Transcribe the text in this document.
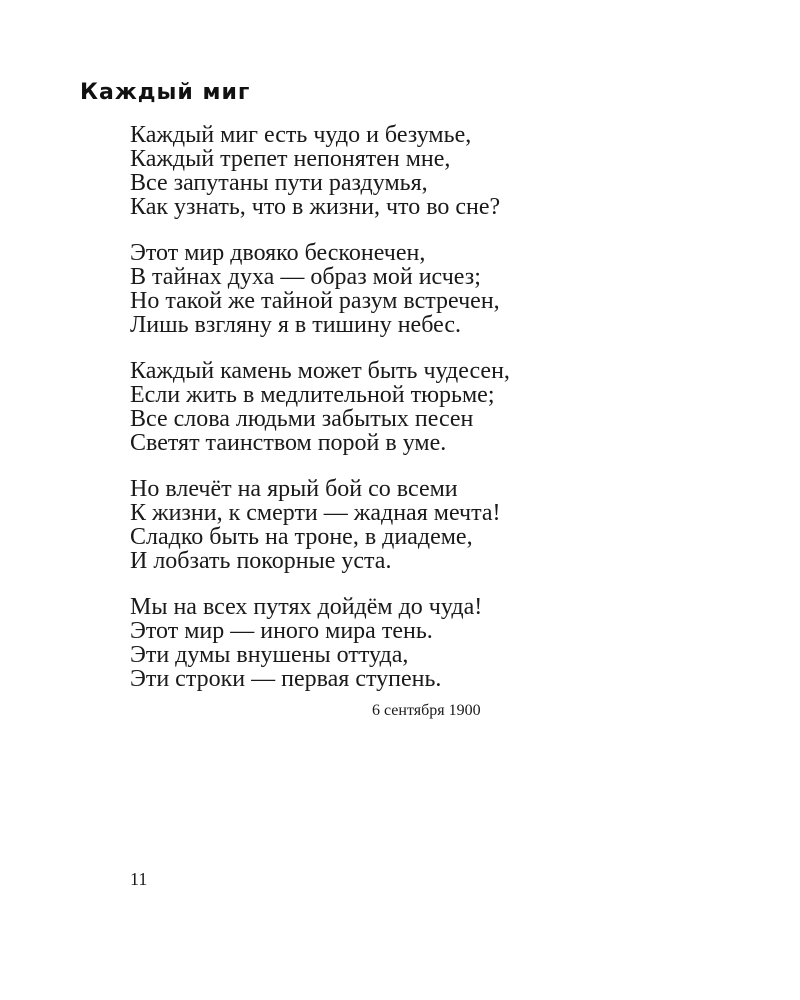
Каждый миг
Каждый миг есть чудо и безумье,
Каждый трепет непонятен мне,
Все запутаны пути раздумья,
Как узнать, что в жизни, что во сне?
Этот мир двояко бесконечен,
В тайнах духа — образ мой исчез;
Но такой же тайной разум встречен,
Лишь взгляну я в тишину небес.
Каждый камень может быть чудесен,
Если жить в медлительной тюрьме;
Все слова людьми забытых песен
Светят таинством порой в уме.
Но влечёт на ярый бой со всеми
К жизни, к смерти — жадная мечта!
Сладко быть на троне, в диадеме,
И лобзать покорные уста.
Мы на всех путях дойдём до чуда!
Этот мир — иного мира тень.
Эти думы внушены оттуда,
Эти строки — первая ступень.
6 сентября 1900
11
